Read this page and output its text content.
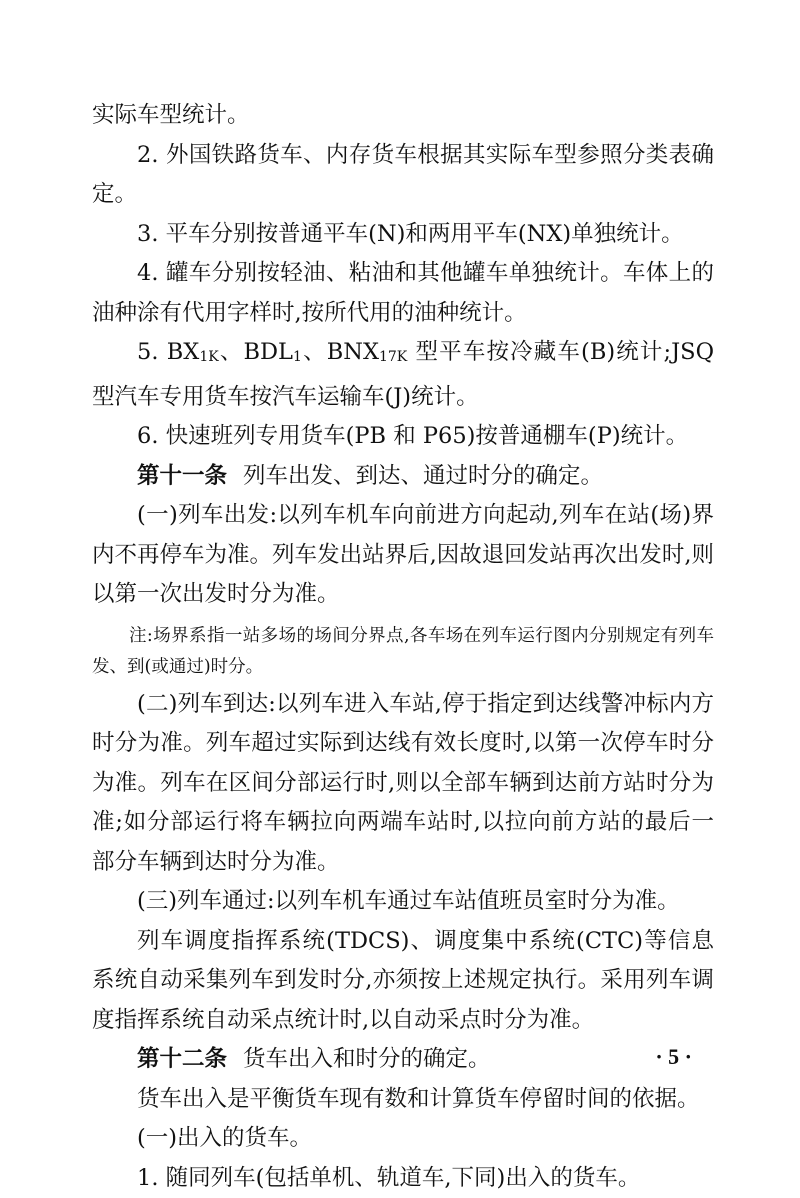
实际车型统计。

2. 外国铁路货车、内存货车根据其实际车型参照分类表确定。

3. 平车分别按普通平车(N)和两用平车(NX)单独统计。

4. 罐车分别按轻油、粘油和其他罐车单独统计。车体上的油种涂有代用字样时,按所代用的油种统计。

5. $BX_{1K}$、$BDL_1$、$BNX_{17K}$ 型平车按冷藏车(B)统计;JSQ 型汽车专用货车按汽车运输车(J)统计。

6. 快速班列专用货车(PB 和 P65)按普通棚车(P)统计。

第十一条 列车出发、到达、通过时分的确定。

(一)列车出发:以列车机车向前进方向起动,列车在站(场)界内不再停车为准。列车发出站界后,因故退回发站再次出发时,则以第一次出发时分为准。

注:场界系指一站多场的场间分界点,各车场在列车运行图内分别规定有列车发、到(或通过)时分。

(二)列车到达:以列车进入车站,停于指定到达线警冲标内方时分为准。列车超过实际到达线有效长度时,以第一次停车时分为准。列车在区间分部运行时,则以全部车辆到达前方站时分为准;如分部运行将车辆拉向两端车站时,以拉向前方站的最后一部分车辆到达时分为准。

(三)列车通过:以列车机车通过车站值班员室时分为准。

列车调度指挥系统(TDCS)、调度集中系统(CTC)等信息系统自动采集列车到发时分,亦须按上述规定执行。采用列车调度指挥系统自动采点统计时,以自动采点时分为准。

第十二条 货车出入和时分的确定。

货车出入是平衡货车现有数和计算货车停留时间的依据。

(一)出入的货车。

1. 随同列车(包括单机、轨道车,下同)出入的货车。

· 5 ·
